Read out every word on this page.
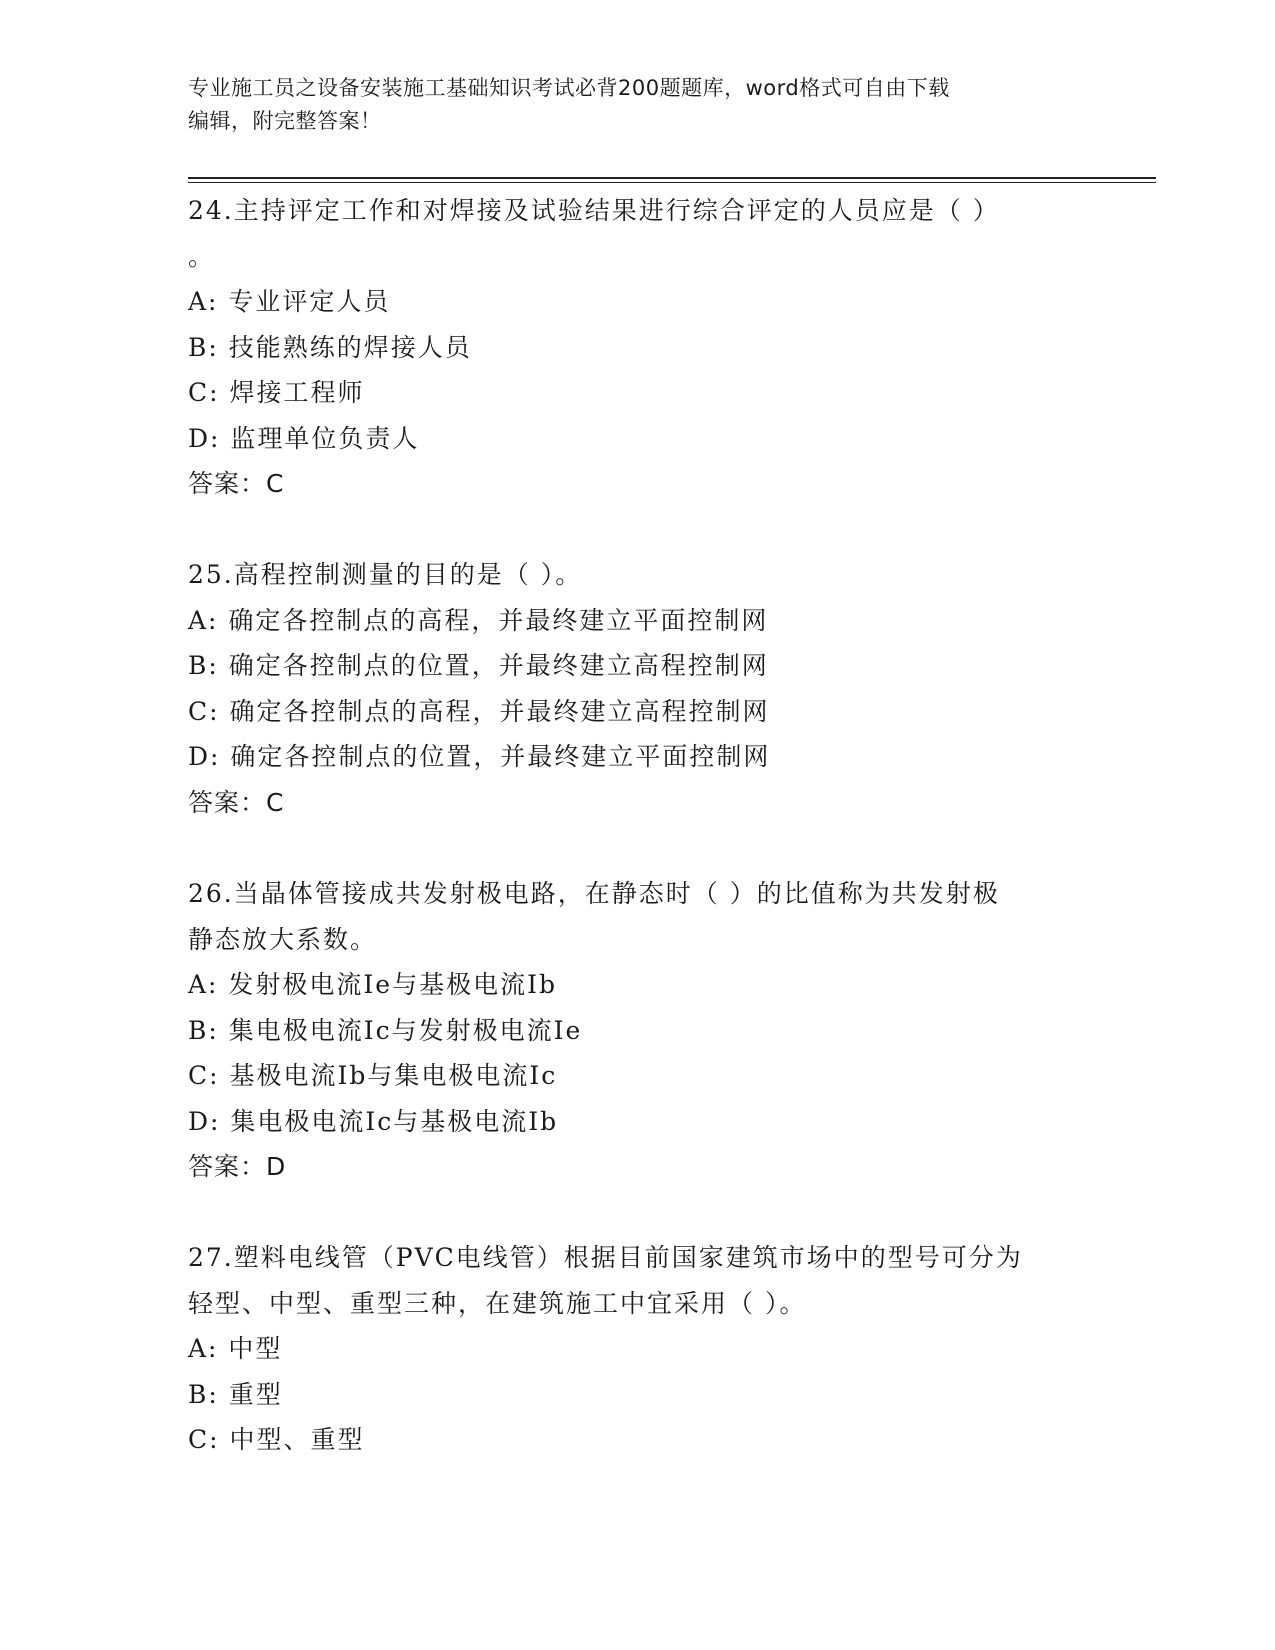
专业施工员之设备安装施工基础知识考试必背200题题库，word格式可自由下载
编辑，附完整答案！
24.主持评定工作和对焊接及试验结果进行综合评定的人员应是（ ）
。
A: 专业评定人员
B: 技能熟练的焊接人员
C: 焊接工程师
D: 监理单位负责人
答案：C
25.高程控制测量的目的是（ ）。
A: 确定各控制点的高程，并最终建立平面控制网
B: 确定各控制点的位置，并最终建立高程控制网
C: 确定各控制点的高程，并最终建立高程控制网
D: 确定各控制点的位置，并最终建立平面控制网
答案：C
26.当晶体管接成共发射极电路，在静态时（ ）的比值称为共发射极
静态放大系数。
A: 发射极电流Ie与基极电流Ib
B: 集电极电流Ic与发射极电流Ie
C: 基极电流Ib与集电极电流Ic
D: 集电极电流Ic与基极电流Ib
答案：D
27.塑料电线管（PVC电线管）根据目前国家建筑市场中的型号可分为
轻型、中型、重型三种，在建筑施工中宜采用（ ）。
A: 中型
B: 重型
C: 中型、重型
